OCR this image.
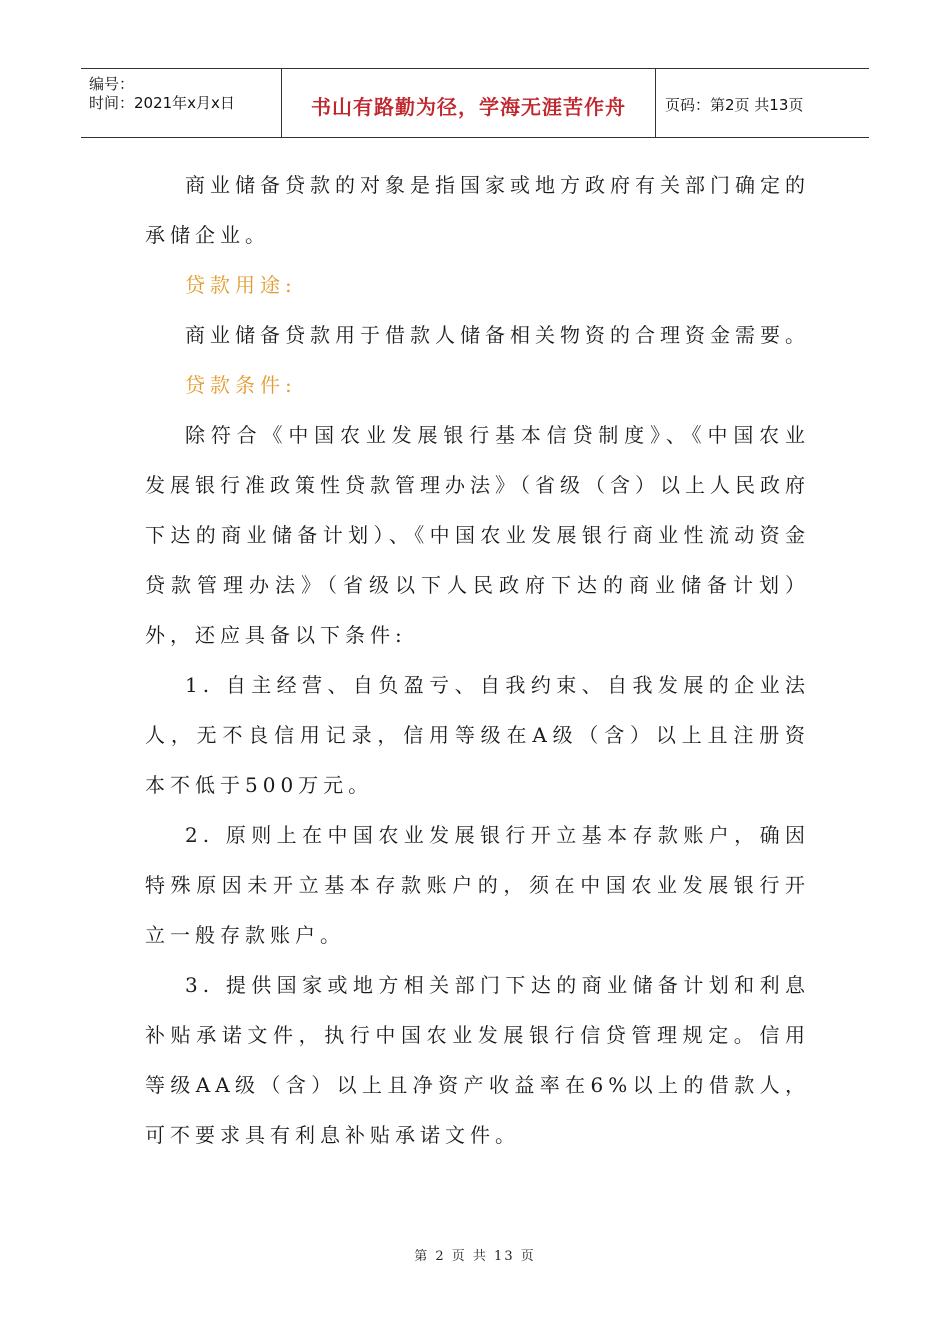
编号：
时间：2021年x月x日	书山有路勤为径，学海无涯苦作舟	页码：第2页 共13页

商业储备贷款的对象是指国家或地方政府有关部门确定的承储企业。

贷款用途:

商业储备贷款用于借款人储备相关物资的合理资金需要。

贷款条件:

除符合《中国农业发展银行基本信贷制度》、《中国农业发展银行准政策性贷款管理办法》（省级（含）以上人民政府下达的商业储备计划）、《中国农业发展银行商业性流动资金贷款管理办法》（省级以下人民政府下达的商业储备计划）外，还应具备以下条件:

1. 自主经营、自负盈亏、自我约束、自我发展的企业法人，无不良信用记录，信用等级在A级（含）以上且注册资本不低于500万元。

2. 原则上在中国农业发展银行开立基本存款账户，确因特殊原因未开立基本存款账户的，须在中国农业发展银行开立一般存款账户。

3. 提供国家或地方相关部门下达的商业储备计划和利息补贴承诺文件，执行中国农业发展银行信贷管理规定。信用等级AA级（含）以上且净资产收益率在6%以上的借款人，可不要求具有利息补贴承诺文件。

第 2 页 共 13 页
